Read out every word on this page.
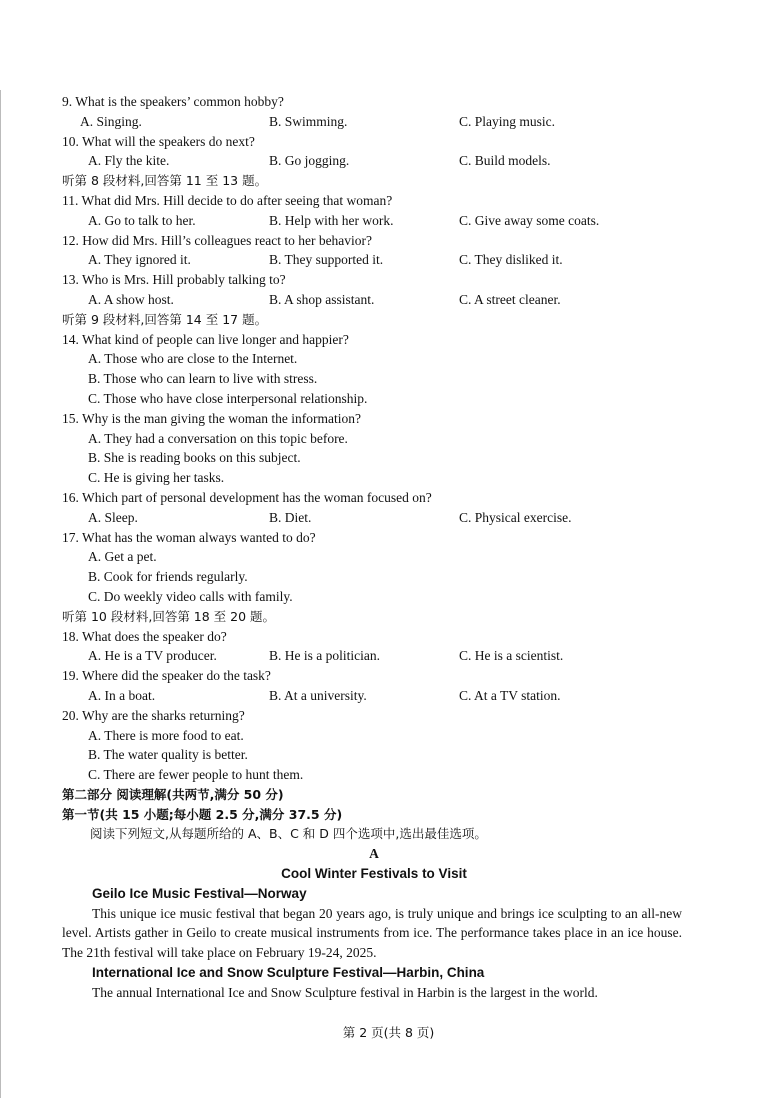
9. What is the speakers’ common hobby?
A. Singing.	B. Swimming.	C. Playing music.
10. What will the speakers do next?
A. Fly the kite.	B. Go jogging.	C. Build models.
听第 8 段材料,回答第 11 至 13 题。
11. What did Mrs. Hill decide to do after seeing that woman?
A. Go to talk to her.	B. Help with her work.	C. Give away some coats.
12. How did Mrs. Hill’s colleagues react to her behavior?
A. They ignored it.	B. They supported it.	C. They disliked it.
13. Who is Mrs. Hill probably talking to?
A. A show host.	B. A shop assistant.	C. A street cleaner.
听第 9 段材料,回答第 14 至 17 题。
14. What kind of people can live longer and happier?
A. Those who are close to the Internet.
B. Those who can learn to live with stress.
C. Those who have close interpersonal relationship.
15. Why is the man giving the woman the information?
A. They had a conversation on this topic before.
B. She is reading books on this subject.
C. He is giving her tasks.
16. Which part of personal development has the woman focused on?
A. Sleep.	B. Diet.	C. Physical exercise.
17. What has the woman always wanted to do?
A. Get a pet.
B. Cook for friends regularly.
C. Do weekly video calls with family.
听第 10 段材料,回答第 18 至 20 题。
18. What does the speaker do?
A. He is a TV producer.	B. He is a politician.	C. He is a scientist.
19. Where did the speaker do the task?
A. In a boat.	B. At a university.	C. At a TV station.
20. Why are the sharks returning?
A. There is more food to eat.
B. The water quality is better.
C. There are fewer people to hunt them.
第二部分 阅读理解(共两节,满分 50 分)
第一节(共 15 小题;每小题 2.5 分,满分 37.5 分)
阅读下列短文,从每题所给的 A、B、C 和 D 四个选项中,选出最佳选项。
A
Cool Winter Festivals to Visit
Geilo Ice Music Festival—Norway
This unique ice music festival that began 20 years ago, is truly unique and brings ice sculpting to an all-new level. Artists gather in Geilo to create musical instruments from ice. The performance takes place in an ice house. The 21th festival will take place on February 19-24, 2025.
International Ice and Snow Sculpture Festival—Harbin, China
The annual International Ice and Snow Sculpture festival in Harbin is the largest in the world.
第 2 页(共 8 页)
